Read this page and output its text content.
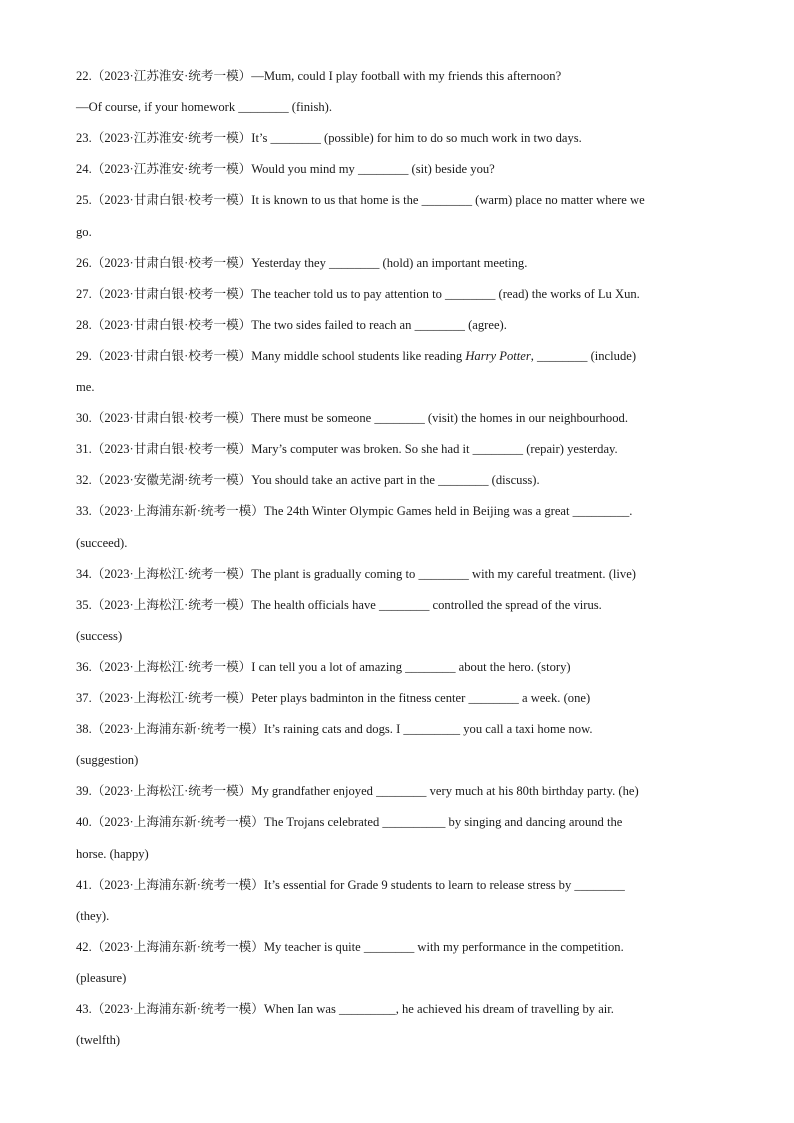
22.（2023·江苏淮安·统考一模）—Mum, could I play football with my friends this afternoon?
—Of course, if your homework ________ (finish).
23.（2023·江苏淮安·统考一模）It’s ________ (possible) for him to do so much work in two days.
24.（2023·江苏淮安·统考一模）Would you mind my ________ (sit) beside you?
25.（2023·甘肃白银·校考一模）It is known to us that home is the ________ (warm) place no matter where we
go.
26.（2023·甘肃白银·校考一模）Yesterday they ________ (hold) an important meeting.
27.（2023·甘肃白银·校考一模）The teacher told us to pay attention to ________ (read) the works of Lu Xun.
28.（2023·甘肃白银·校考一模）The two sides failed to reach an ________ (agree).
29.（2023·甘肃白银·校考一模）Many middle school students like reading Harry Potter, ________ (include)
me.
30.（2023·甘肃白银·校考一模）There must be someone ________ (visit) the homes in our neighbourhood.
31.（2023·甘肃白银·校考一模）Mary’s computer was broken. So she had it ________ (repair) yesterday.
32.（2023·安徽芜湖·统考一模）You should take an active part in the ________ (discuss).
33.（2023·上海浦东新·统考一模）The 24th Winter Olympic Games held in Beijing was a great _________.
(succeed).
34.（2023·上海松江·统考一模）The plant is gradually coming to ________ with my careful treatment. (live)
35.（2023·上海松江·统考一模）The health officials have ________ controlled the spread of the virus.
(success)
36.（2023·上海松江·统考一模）I can tell you a lot of amazing ________ about the hero. (story)
37.（2023·上海松江·统考一模）Peter plays badminton in the fitness center ________ a week. (one)
38.（2023·上海浦东新·统考一模）It’s raining cats and dogs. I _________ you call a taxi home now.
(suggestion)
39.（2023·上海松江·统考一模）My grandfather enjoyed ________ very much at his 80th birthday party. (he)
40.（2023·上海浦东新·统考一模）The Trojans celebrated __________ by singing and dancing around the
horse. (happy)
41.（2023·上海浦东新·统考一模）It’s essential for Grade 9 students to learn to release stress by ________
(they).
42.（2023·上海浦东新·统考一模）My teacher is quite ________ with my performance in the competition.
(pleasure)
43.（2023·上海浦东新·统考一模）When Ian was _________, he achieved his dream of travelling by air.
(twelfth)
